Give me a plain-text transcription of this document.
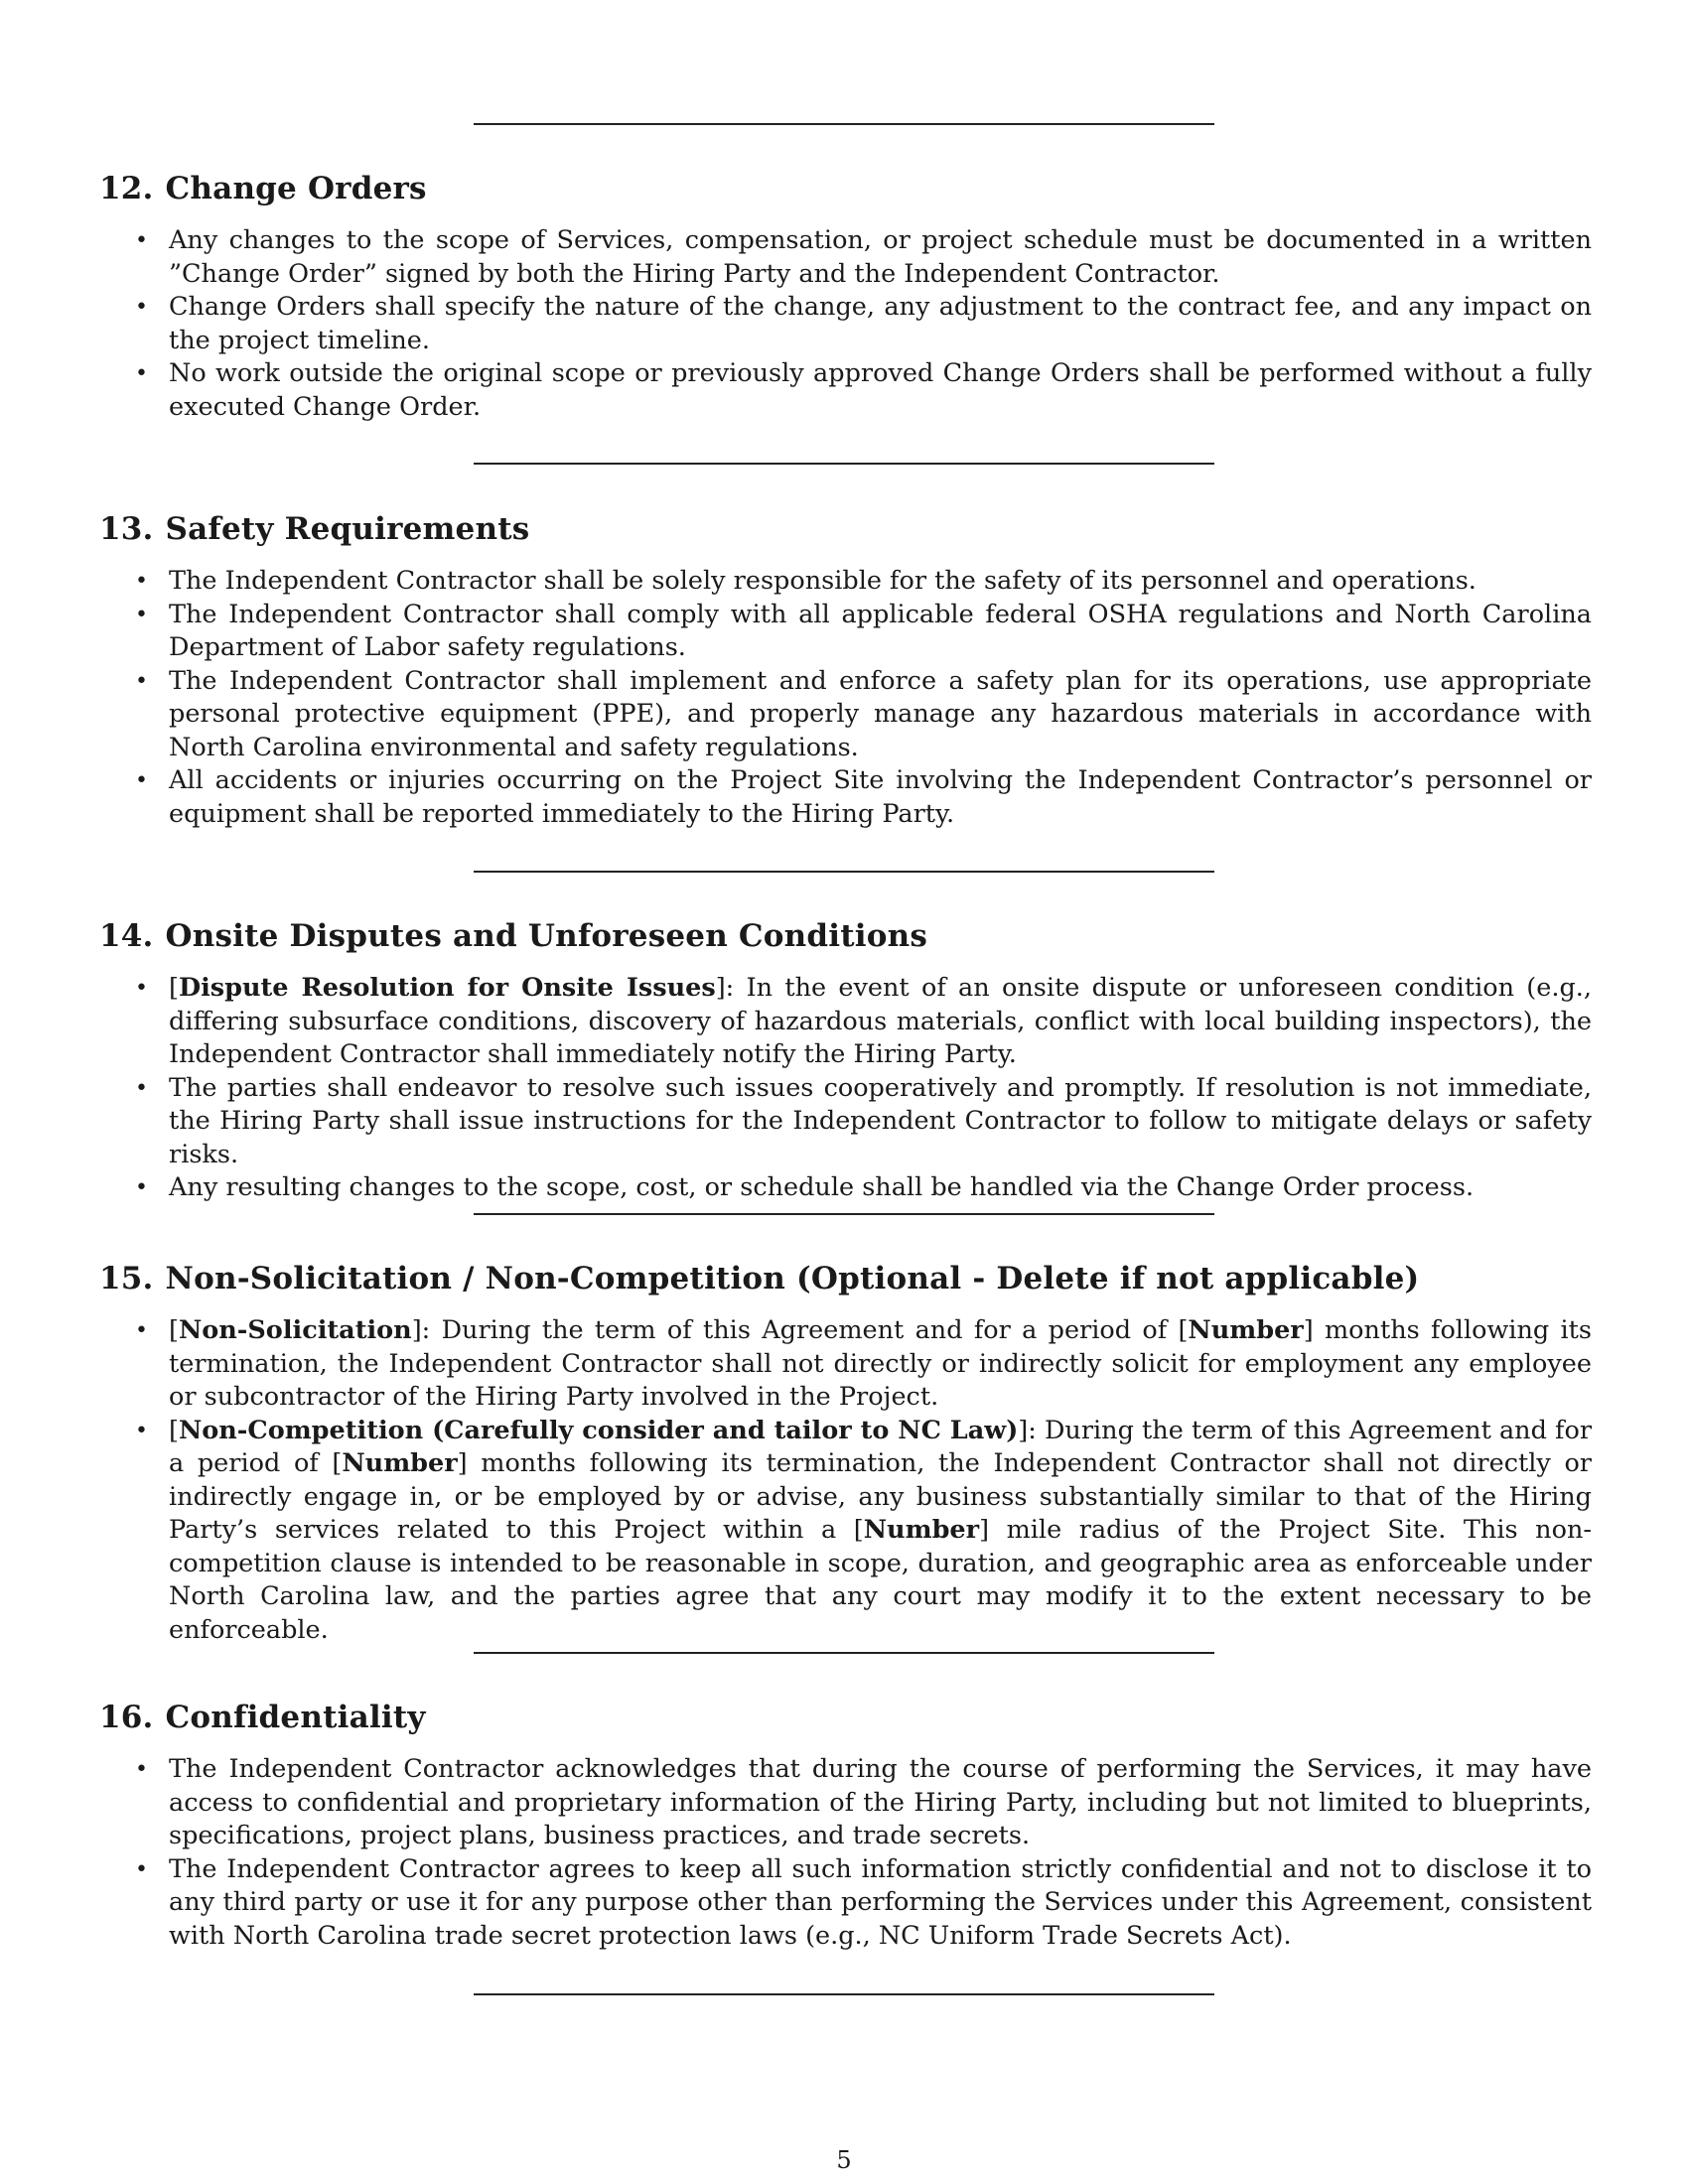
12. Change Orders
• Any changes to the scope of Services, compensation, or project schedule must be documented in a written ”Change Order” signed by both the Hiring Party and the Independent Contractor.
• Change Orders shall specify the nature of the change, any adjustment to the contract fee, and any impact on the project timeline.
• No work outside the original scope or previously approved Change Orders shall be performed without a fully executed Change Order.
13. Safety Requirements
• The Independent Contractor shall be solely responsible for the safety of its personnel and operations.
• The Independent Contractor shall comply with all applicable federal OSHA regulations and North Carolina Department of Labor safety regulations.
• The Independent Contractor shall implement and enforce a safety plan for its operations, use appropriate personal protective equipment (PPE), and properly manage any hazardous materials in accordance with North Carolina environmental and safety regulations.
• All accidents or injuries occurring on the Project Site involving the Independent Contractor’s personnel or equipment shall be reported immediately to the Hiring Party.
14. Onsite Disputes and Unforeseen Conditions
• [Dispute Resolution for Onsite Issues]: In the event of an onsite dispute or unforeseen condition (e.g., differing subsurface conditions, discovery of hazardous materials, conflict with local building inspectors), the Independent Contractor shall immediately notify the Hiring Party.
• The parties shall endeavor to resolve such issues cooperatively and promptly. If resolution is not immediate, the Hiring Party shall issue instructions for the Independent Contractor to follow to mitigate delays or safety risks.
• Any resulting changes to the scope, cost, or schedule shall be handled via the Change Order process.
15. Non-Solicitation / Non-Competition (Optional - Delete if not applicable)
• [Non-Solicitation]: During the term of this Agreement and for a period of [Number] months following its termination, the Independent Contractor shall not directly or indirectly solicit for employment any employee or subcontractor of the Hiring Party involved in the Project.
• [Non-Competition (Carefully consider and tailor to NC Law)]: During the term of this Agreement and for a period of [Number] months following its termination, the Independent Contractor shall not directly or indirectly engage in, or be employed by or advise, any business substantially similar to that of the Hiring Party’s services related to this Project within a [Number] mile radius of the Project Site. This non-competition clause is intended to be reasonable in scope, duration, and geographic area as enforceable under North Carolina law, and the parties agree that any court may modify it to the extent necessary to be enforceable.
16. Confidentiality
• The Independent Contractor acknowledges that during the course of performing the Services, it may have access to confidential and proprietary information of the Hiring Party, including but not limited to blueprints, specifications, project plans, business practices, and trade secrets.
• The Independent Contractor agrees to keep all such information strictly confidential and not to disclose it to any third party or use it for any purpose other than performing the Services under this Agreement, consistent with North Carolina trade secret protection laws (e.g., NC Uniform Trade Secrets Act).
5
